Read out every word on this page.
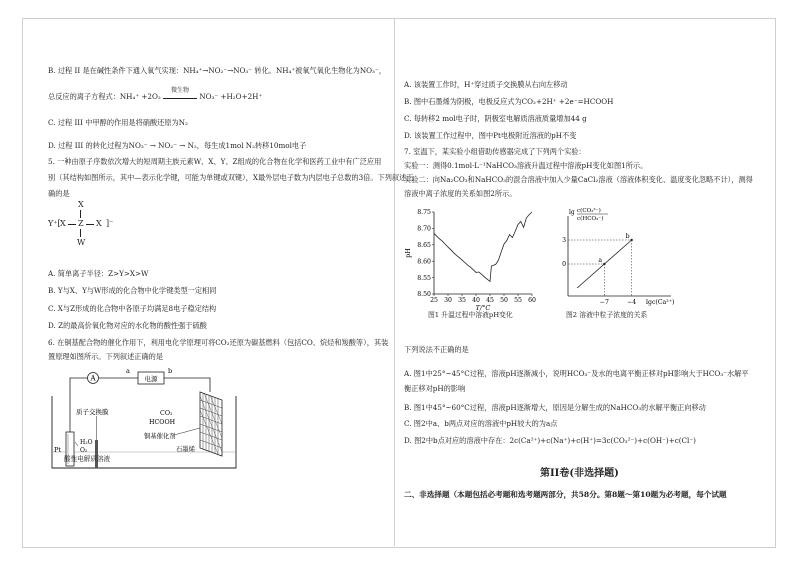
B. 过程 II 是在碱性条件下通入氧气实现：NH₄⁺→NO₂⁻→NO₃⁻ 转化。NH₄⁺被氧气氧化生物化为NO₃⁻，
总反应的离子方程式：NH₄⁺ +2O₂
微生物
NO₃⁻ +H₂O+2H⁺
C. 过程 III 中甲醇的作用是将硝酸还原为N₂
D. 过程 III 的转化过程为NO₃⁻ → NO₂⁻ → N₂，每生成1mol N₂转移10mol电子
5. 一种由原子序数依次增大的短周期主族元素W、X、Y、Z组成的化合物在化学和医药工业中有广泛应用
别（其结构如图所示，其中—表示化学键，可能为单键或双键），X最外层电子数为内层电子总数的3倍。下列叙述正
确的是
X
Y⁺[ X Z X ]⁻
W
A. 简单离子半径：Z>Y>X>W
B. Y与X、Y与W形成的化合物中化学键类型一定相同
C. X与Z形成的化合物中各原子均满足8电子稳定结构
D. Z的最高价氧化物对应的水化物的酸性强于硫酸
6. 在铜基配合物的催化作用下，利用电化学原理可将CO₂还原为碳基燃料（包括CO、烷烃和羧酸等），其装
置原理如图所示。下列叙述正确的是
A	电源
a	b
质子交换膜
Pt
H₂O
O₂
CO₂
HCOOH
铜基催化剂
石墨烯
酸性电解质溶液
A. 该装置工作时，H⁺穿过质子交换膜从右向左移动
B. 图中石墨烯为阴极，电极反应式为CO₂+2H⁺ +2e⁻=HCOOH
C. 每转移2 mol电子时，阴极室电解质溶液质量增加44 g
D. 该装置工作过程中，图中Pt电极附近溶液的pH不变
7. 室温下，某实验小组借助传感器完成了下列两个实验：
实验一：测得0.1mol·L⁻¹NaHCO₃溶液升温过程中溶液pH变化如图1所示。
实验二：向Na₂CO₃和NaHCO₃的混合溶液中加入少量CaCl₂溶液（溶液体积变化、温度变化忽略不计），测得
溶液中离子浓度的关系如图2所示。
8.50
8.55
8.60
8.65
8.70
8.75
25 30 35 40 45 50 55 60
pH
T/°C
图1 升温过程中溶液pH变化
lg c(CO₃²⁻)
c(HCO₃⁻)
0
3
−7	−4 lgc(Ca²⁺)
a
b
图2 溶液中粒子浓度的关系
下列说法不正确的是
A. 图1中25°~45°C过程，溶液pH逐渐减小，说明HCO₃⁻及水的电离平衡正移对pH影响大于HCO₃⁻水解平
衡正移对pH的影响
B. 图1中45°~60°C过程，溶液pH逐渐增大，原因是分解生成的NaHCO₃的水解平衡正向移动
C. 图2中a、b两点对应的溶液中pH较大的为a点
D. 图2中b点对应的溶液中存在：2c(Ca²⁺)+c(Na⁺)+c(H⁺)=3c(CO₃²⁻)+c(OH⁻)+c(Cl⁻)
第II卷(非选择题)
二、非选择题（本题包括必考题和选考题两部分，共58分。第8题～第10题为必考题，每个试题
